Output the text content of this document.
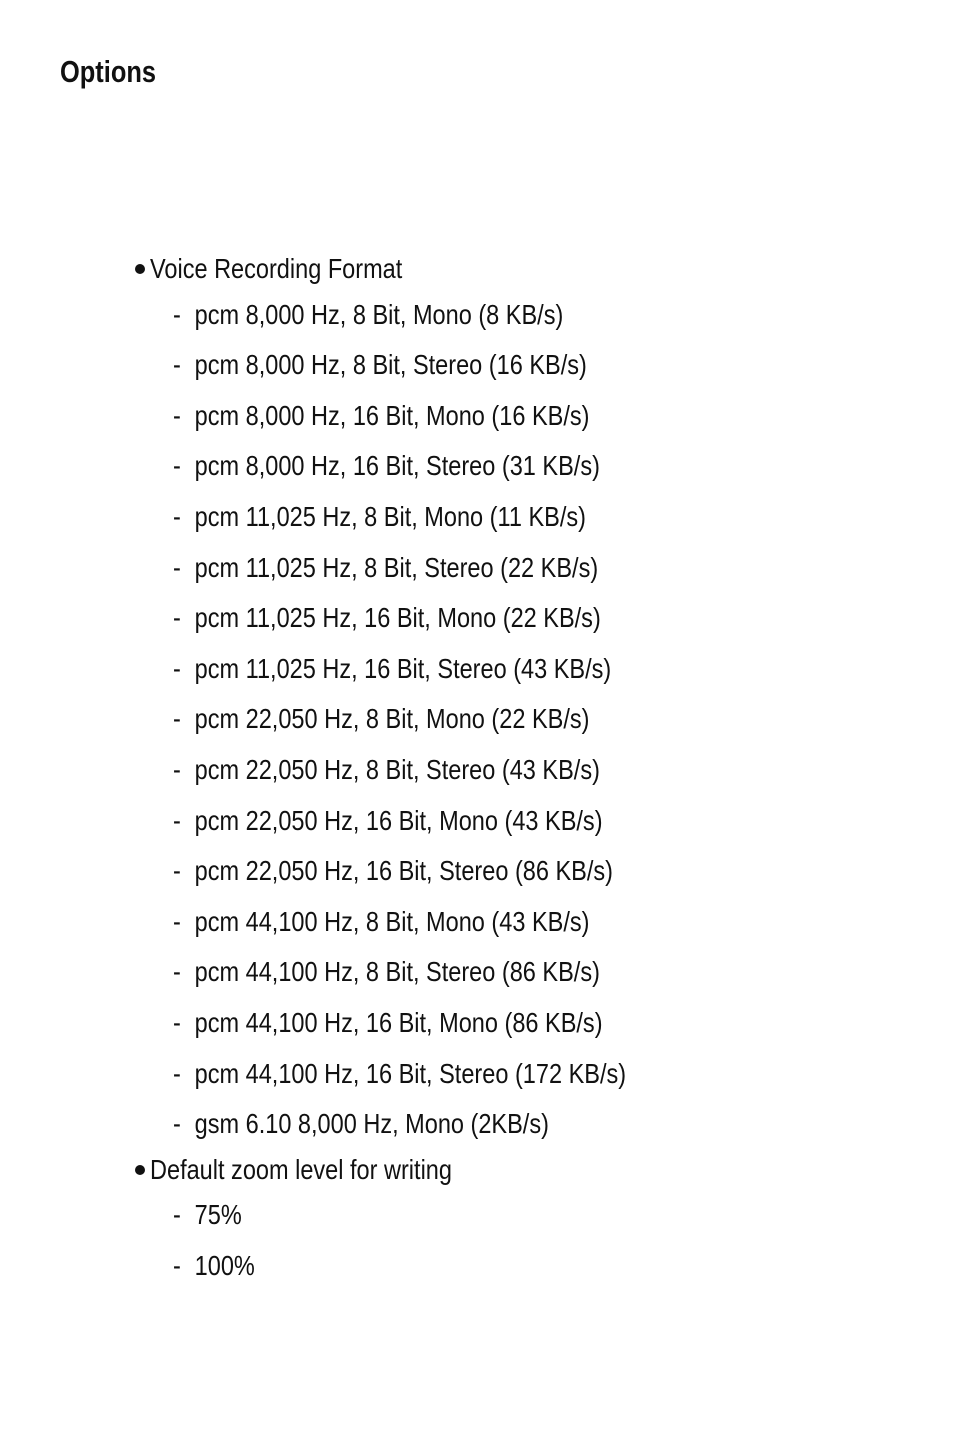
Options
Voice Recording Format
- pcm 8,000 Hz, 8 Bit, Mono (8 KB/s)
- pcm 8,000 Hz, 8 Bit, Stereo (16 KB/s)
- pcm 8,000 Hz, 16 Bit, Mono (16 KB/s)
- pcm 8,000 Hz, 16 Bit, Stereo (31 KB/s)
- pcm 11,025 Hz, 8 Bit, Mono (11 KB/s)
- pcm 11,025 Hz, 8 Bit, Stereo (22 KB/s)
- pcm 11,025 Hz, 16 Bit, Mono (22 KB/s)
- pcm 11,025 Hz, 16 Bit, Stereo (43 KB/s)
- pcm 22,050 Hz, 8 Bit, Mono (22 KB/s)
- pcm 22,050 Hz, 8 Bit, Stereo (43 KB/s)
- pcm 22,050 Hz, 16 Bit, Mono (43 KB/s)
- pcm 22,050 Hz, 16 Bit, Stereo (86 KB/s)
- pcm 44,100 Hz, 8 Bit, Mono (43 KB/s)
- pcm 44,100 Hz, 8 Bit, Stereo (86 KB/s)
- pcm 44,100 Hz, 16 Bit, Mono (86 KB/s)
- pcm 44,100 Hz, 16 Bit, Stereo (172 KB/s)
- gsm 6.10 8,000 Hz, Mono (2KB/s)
Default zoom level for writing
- 75%
- 100%
